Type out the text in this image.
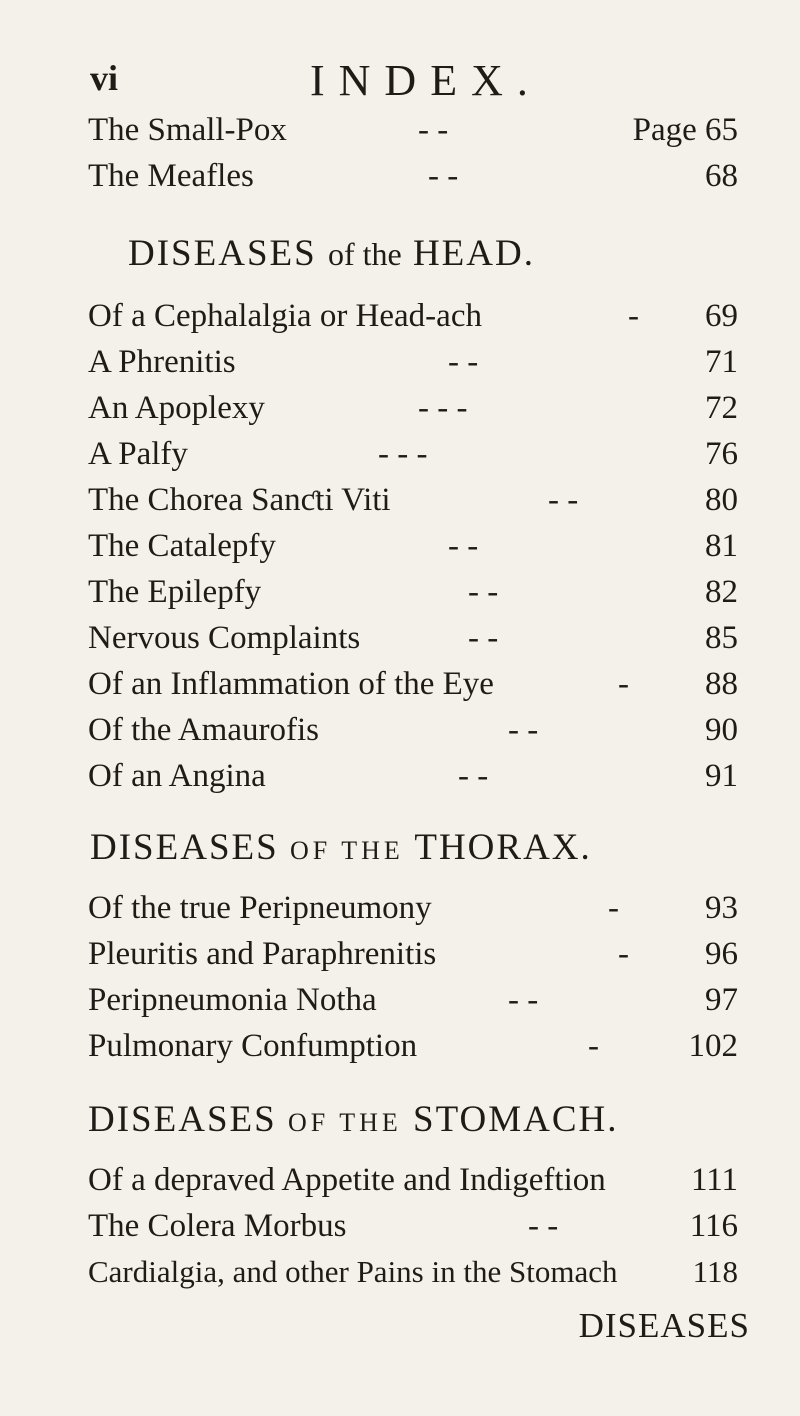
vi	INDEX.
The Small-Pox	- -	Page 65
The Meafles	- -	68
DISEASES of the HEAD.
Of a Cephalalgia or Head-ach	- 69
A Phrenitis	- -	71
An Apoplexy	- - -	72
A Palfy	- - -	76
The Chorea Sanƈti Viti	- -	80
The Catalepfy	- -	81
The Epilepfy	- -	82
Nervous Complaints	- -	85
Of an Inflammation of the Eye	- 88
Of the Amaurofis	- -	90
Of an Angina	- -	91
DISEASES OF THE THORAX.
Of the true Peripneumony	-	93
Pleuritis and Paraphrenitis	- 96
Peripneumonia Notha	- -	97
Pulmonary Confumption	-	102
DISEASES OF THE STOMACH.
Of a depraved Appetite and Indigeftion	111
The Colera Morbus	- -	116
Cardialgia, and other Pains in the Stomach 118
DISEASES
